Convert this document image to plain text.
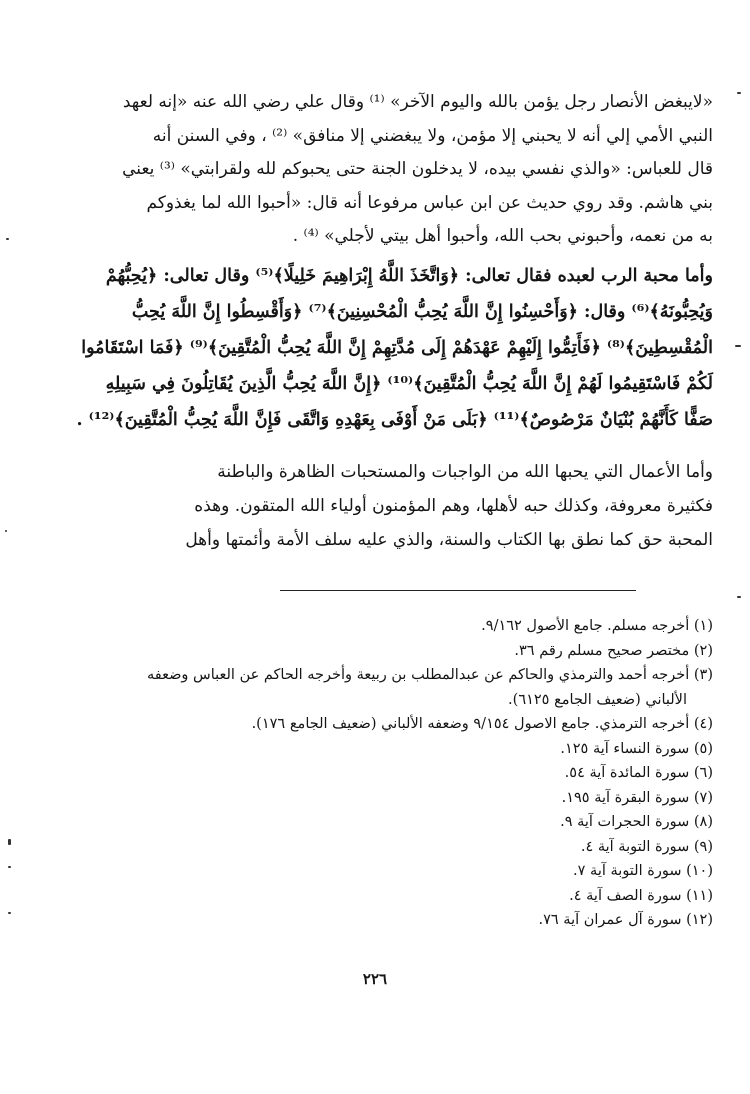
«لايبغض الأنصار رجل يؤمن بالله واليوم الآخر» ⁽¹⁾ وقال علي رضي الله عنه «إنه لعهد
النبي الأمي إلي أنه لا يحبني إلا مؤمن، ولا يبغضني إلا منافق» ⁽²⁾ ، وفي السنن أنه
قال للعباس: «والذي نفسي بيده، لا يدخلون الجنة حتى يحبوكم لله ولقرابتي» ⁽³⁾ يعني
بني هاشم. وقد روي حديث عن ابن عباس مرفوعا أنه قال: «أحبوا الله لما يغذوكم
به من نعمه، وأحبوني بحب الله، وأحبوا أهل بيتي لأجلي» ⁽⁴⁾ .
وأما محبة الرب لعبده فقال تعالى: ﴿وَاتَّخَذَ اللَّهُ إِبْرَاهِيمَ خَلِيلًا﴾⁽⁵⁾ وقال تعالى: ﴿يُحِبُّهُمْ
وَيُحِبُّونَهُ﴾⁽⁶⁾ وقال: ﴿وَأَحْسِنُوا إِنَّ اللَّهَ يُحِبُّ الْمُحْسِنِينَ﴾⁽⁷⁾ ﴿وَأَقْسِطُوا إِنَّ اللَّهَ يُحِبُّ
الْمُقْسِطِينَ﴾⁽⁸⁾ ﴿فَأَتِمُّوا إِلَيْهِمْ عَهْدَهُمْ إِلَى مُدَّتِهِمْ إِنَّ اللَّهَ يُحِبُّ الْمُتَّقِينَ﴾⁽⁹⁾ ﴿فَمَا اسْتَقَامُوا
لَكُمْ فَاسْتَقِيمُوا لَهُمْ إِنَّ اللَّهَ يُحِبُّ الْمُتَّقِينَ﴾⁽¹⁰⁾ ﴿إِنَّ اللَّهَ يُحِبُّ الَّذِينَ يُقَاتِلُونَ فِي سَبِيلِهِ
صَفًّا كَأَنَّهُمْ بُنْيَانٌ مَرْصُوصٌ﴾⁽¹¹⁾ ﴿بَلَى مَنْ أَوْفَى بِعَهْدِهِ وَاتَّقَى فَإِنَّ اللَّهَ يُحِبُّ الْمُتَّقِينَ﴾⁽¹²⁾ .
وأما الأعمال التي يحبها الله من الواجبات والمستحبات الظاهرة والباطنة
فكثيرة معروفة، وكذلك حبه لأهلها، وهم المؤمنون أولياء الله المتقون. وهذه
المحبة حق كما نطق بها الكتاب والسنة، والذي عليه سلف الأمة وأئمتها وأهل
(١) أخرجه مسلم. جامع الأصول ٩/١٦٢.
(٢) مختصر صحيح مسلم رقم ٣٦.
(٣) أخرجه أحمد والترمذي والحاكم عن عبدالمطلب بن ربيعة وأخرجه الحاكم عن العباس وضعفه
الألباني (ضعيف الجامع ٦١٢٥).
(٤) أخرجه الترمذي. جامع الاصول ٩/١٥٤ وضعفه الألباني (ضعيف الجامع ١٧٦).
(٥) سورة النساء آية ١٢٥.
(٦) سورة المائدة آية ٥٤.
(٧) سورة البقرة آية ١٩٥.
(٨) سورة الحجرات آية ٩.
(٩) سورة التوبة آية ٤.
(١٠) سورة التوبة آية ٧.
(١١) سورة الصف آية ٤.
(١٢) سورة آل عمران آية ٧٦.
٢٢٦
